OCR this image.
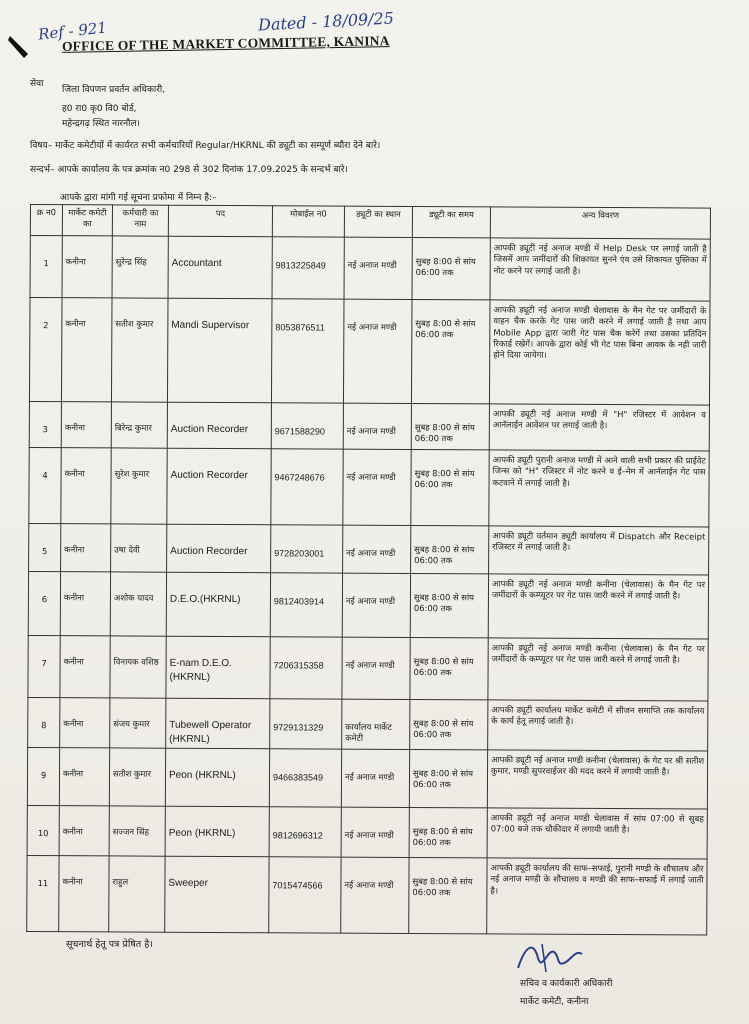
Ref - 921	Dated - 18/09/25
OFFICE OF THE MARKET COMMITTEE, KANINA
सेवा
जिला विपणन प्रवर्तन अधिकारी,
ह0 रा0 कृ0 वि0 बोर्ड,
महेन्द्रगढ़ स्थित नारनौल।
विषय– मार्केट कमेटीयों में कार्यरत सभी कर्मचारियों Regular/HKRNL की ड्यूटी का सम्पूर्ण ब्यौरा देने बारे।
सन्दर्भ– आपके कार्यालय के पत्र क्रमांक न0 298 से 302 दिनांक 17.09.2025 के सन्दर्भ बारे।
आपके द्वारा मांगी गई सूचना प्रफोमा में निम्न है:–
क्र न0	मार्केट कमेटी का	कर्मचारी का नाम	पद	मोबाईल न0	ड्यूटी का स्थान	ड्यूटी का समय	अन्य विवरण
1	कनीना	सुरेन्द्र सिंह	Accountant	9813225849	नई अनाज मण्डी	सुबह 8:00 से सांय 06:00 तक	आपकी ड्यूटी नई अनाज मण्डी में Help Desk पर लगाई जाती है जिसमें आप जमींदारों की शिकायत सुनने एंव उसे शिकायत पुस्तिका में नोट करने पर लगाई जाती है।
2	कनीना	सतीश कुमार	Mandi Supervisor	8053876511	नई अनाज मण्डी	सुबह 8:00 से सांय 06:00 तक	आपकी ड्यूटी नई अनाज मण्डी चेलावास के मैन गेट पर जमींदारों के वाहन चैक करके गेट पास जारी करने में लगाई जाती है तथा आप Mobile App द्वारा जारी गेट पास चैक करेगें तथा उसका प्रतिदिन रिकार्ड रखेगें। आपके द्वारा कोई भी गेट पास बिना आवक के नही जारी होने दिया जायेगा।
3	कनीना	बिरेन्द्र कुमार	Auction Recorder	9671588290	नई अनाज मण्डी	सुबह 8:00 से सांय 06:00 तक	आपकी ड्यूटी नई अनाज मण्डी में "H" रजिस्टर में आवेशन व आनॅलाईन आवेशन पर लगाई जाती है।
4	कनीना	सुरेश कुमार	Auction Recorder	9467248676	नई अनाज मण्डी	सुबह 8:00 से सांय 06:00 तक	आपकी ड्यूटी पुरानी अनाज मण्डी में आने वाली सभी प्रकार की प्राईवेट जिन्स को "H" रजिस्टर में नोट करने व ई–नेम में आनॅलाईन गेट पास कटवाने में लगाई जाती है।
5	कनीना	उषा देवी	Auction Recorder	9728203001	नई अनाज मण्डी	सुबह 8:00 से सांय 06:00 तक	आपकी ड्यूटी वर्तमान ड्यूटी कार्यालय में Dispatch और Receipt रजिस्टर में लगाई जाती है।
6	कनीना	अशोक यादव	D.E.O.(HKRNL)	9812403914	नई अनाज मण्डी	सुबह 8:00 से सांय 06:00 तक	आपकी ड्यूटी नई अनाज मण्डी कनीना (चेलावास) के मैन गेट पर जमींदारों के कम्प्यूटर पर गेट पास जारी करने में लगाई जाती है।
7	कनीना	विनायक वशिष्ठ	E-nam D.E.O. (HKRNL)	7206315358	नई अनाज मण्डी	सुबह 8:00 से सांय 06:00 तक	आपकी ड्यूटी नई अनाज मण्डी कनीना (चेलावास) के मैन गेट पर जमींदारों के कम्प्यूटर पर गेट पास जारी करने में लगाई जाती है।
8	कनीना	संजय कुमार	Tubewell Operator (HKRNL)	9729131329	कार्यालय मार्केट कमेटी	सुबह 8:00 से सांय 06:00 तक	आपकी ड्यूटी कार्यालय मार्केट कमेटी में सीजन समाप्ति तक कार्यालय के कार्य हेतू लगाई जाती है।
9	कनीना	सतीश कुमार	Peon (HKRNL)	9466383549	नई अनाज मण्डी	सुबह 8:00 से सांय 06:00 तक	आपकी ड्यूटी नई अनाज मण्डी कनीना (चेलावास) के गेट पर श्री सतीश कुमार, मण्डी सुपरवाईजर की मदद करने में लगायी जाती है।
10	कनीना	सज्जन सिंह	Peon (HKRNL)	9812696312	नई अनाज मण्डी	सुबह 8:00 से सांय 06:00 तक	आपकी ड्यूटी नई अनाज मण्डी चेलावास में सांय 07:00 से सुबह 07:00 बजे तक चौकीदार में लगायी जाती है।
11	कनीना	राहुल	Sweeper	7015474566	नई अनाज मण्डी	सुबह 8:00 से सांय 06:00 तक	आपकी ड्यूटी कार्यालय की साफ–सफाई, पुरानी मण्डी के शौचालय और नई अनाज मण्डी के शौचालय व मण्डी की साफ–सफाई में लगाई जाती है।
सूचनार्थ हेतू पत्र प्रेषित है।
सचिव व कार्यकारी अधिकारी
मार्केट कमेटी, कनीना
